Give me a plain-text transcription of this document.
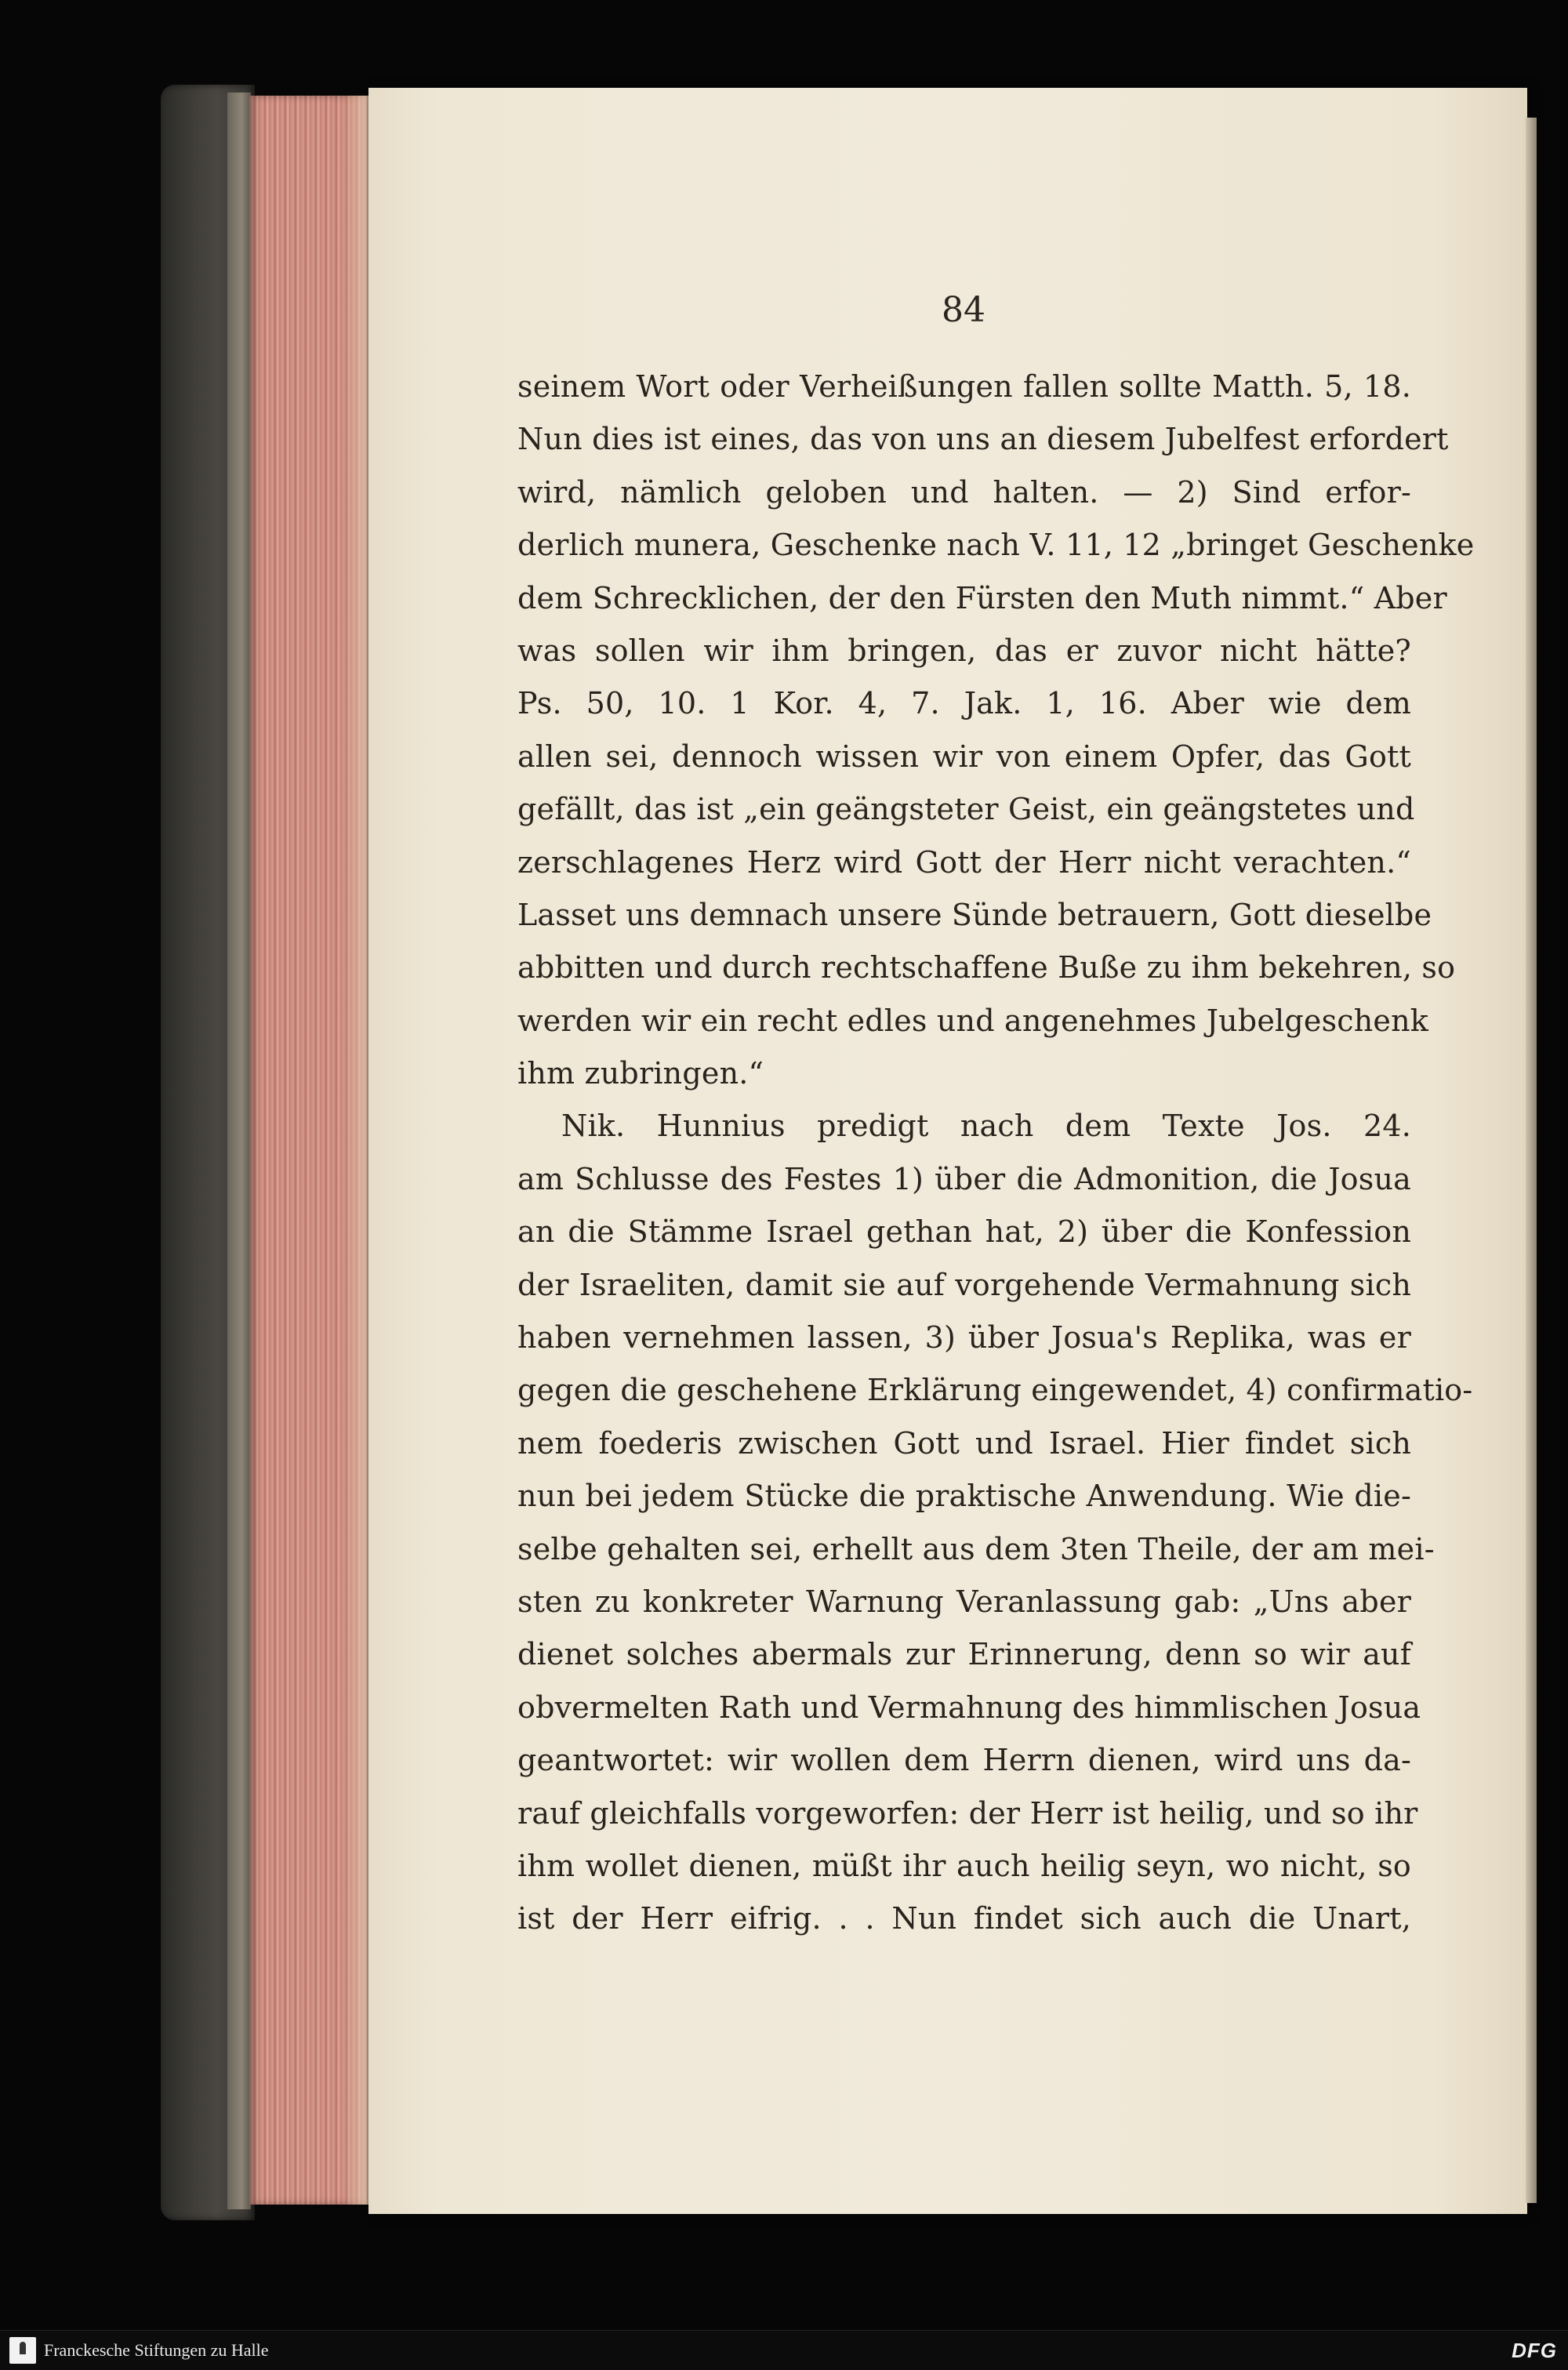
84
seinem Wort oder Verheißungen fallen sollte Matth. 5, 18.
Nun dies ist eines, das von uns an diesem Jubelfest erfordert
wird, nämlich geloben und halten. — 2) Sind erfor-
derlich munera, Geschenke nach V. 11, 12 „bringet Geschenke
dem Schrecklichen, der den Fürsten den Muth nimmt.“ Aber
was sollen wir ihm bringen, das er zuvor nicht hätte?
Ps. 50, 10. 1 Kor. 4, 7. Jak. 1, 16. Aber wie dem
allen sei, dennoch wissen wir von einem Opfer, das Gott
gefällt, das ist „ein geängsteter Geist, ein geängstetes und
zerschlagenes Herz wird Gott der Herr nicht verachten.“
Lasset uns demnach unsere Sünde betrauern, Gott dieselbe
abbitten und durch rechtschaffene Buße zu ihm bekehren, so
werden wir ein recht edles und angenehmes Jubelgeschenk
ihm zubringen.“
Nik. Hunnius predigt nach dem Texte Jos. 24.
am Schlusse des Festes 1) über die Admonition, die Josua
an die Stämme Israel gethan hat, 2) über die Konfession
der Israeliten, damit sie auf vorgehende Vermahnung sich
haben vernehmen lassen, 3) über Josua's Replika, was er
gegen die geschehene Erklärung eingewendet, 4) confirmatio-
nem foederis zwischen Gott und Israel. Hier findet sich
nun bei jedem Stücke die praktische Anwendung. Wie die-
selbe gehalten sei, erhellt aus dem 3ten Theile, der am mei-
sten zu konkreter Warnung Veranlassung gab: „Uns aber
dienet solches abermals zur Erinnerung, denn so wir auf
obvermelten Rath und Vermahnung des himmlischen Josua
geantwortet: wir wollen dem Herrn dienen, wird uns da-
rauf gleichfalls vorgeworfen: der Herr ist heilig, und so ihr
ihm wollet dienen, müßt ihr auch heilig seyn, wo nicht, so
ist der Herr eifrig. . . Nun findet sich auch die Unart,
Franckesche Stiftungen zu Halle	DFG
